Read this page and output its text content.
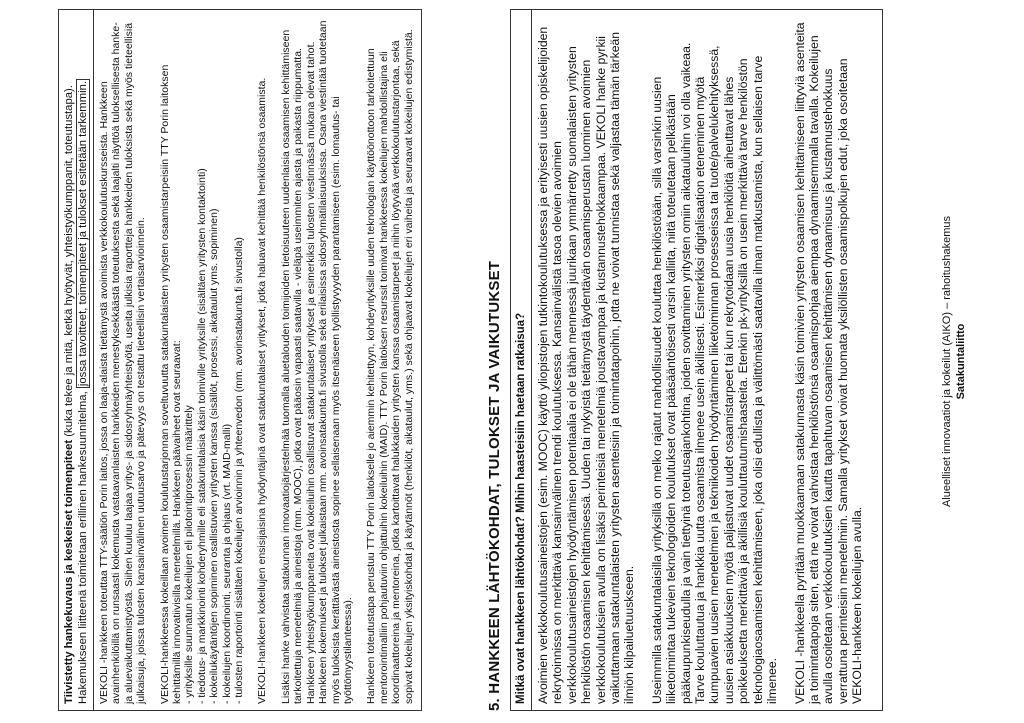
Tiivistetty hankekuvaus ja keskeiset toimenpiteet (kuka tekee ja mitä, ketkä hyötyvät, yhteistyökumppanit, toteutustapa).
Hakemukseen liitteenä toimitetaan erillinen hankesuunnitelma, jossa tavoitteet, toimenpiteet ja tulokset esitetään tarkemmin. VEKOLI -hankkeen toteuttaa TTY-säätiön Porin laitos, jossa on laaja-alaista tietämystä avoimista verkkokoulutuskursseista. Hankkeen avainhenkilöillä on runsaasti kokemusta vastaavanlaisten hankkeiden menestyksekkäästä toteutuksesta sekä laajalti näyttöä tuloksellisesta hanke- ja aluevaikuttamistyöstä. Siihen kuuluu laajaa yritys- ja sidosryhmäyhteistyötä, useita julkisia raportteja hankkeiden tuloksista sekä myös tieteellisiä julkaisuja, joissa tulosten kansainvälinen uutuusarvo ja pätevyys on testattu tieteellisin vertaisarvioinnein. VEKOLI-hankkeessa kokeillaan avoimen koulutustarjonnan soveltuvuutta satakuntalaisten yritysten osaamistarpeisiin TTY Porin laitoksen kehittämillä innovatiivisilla menetelmillä. Hankkeen päävaiheet ovat seuraavat: - yrityksille suunnatun kokeilujen eli pilotointiprosessin määrittely - tiedotus- ja markkinointi kohderyhmille eli satakuntalaisia käsin toimiville yrityksille (sisältäen yritysten kontaktointi) - kokeilukäytäntöjen sopiminen osallistuvien yritysten kanssa (sisällöt, prosessi, aikataulut yms. sopiminen) - kokeilujen koordinointi, seuranta ja ohjaus (vrt. MAID-malli) - tulosten raportointi sisältäen kokeilujen arvioinnin ja yhteenvedon (mm. avoinsatakunta.fi sivustolla) VEKOLI-hankkeen kokeilujen ensisijaisina hyödyntäjinä ovat satakuntalaiset yritykset, jotka haluavat kehittää henkilöstönsä osaamista. Lisäksi hanke vahvistaa satakunnan innovaatiojärjestelmää tuomalla aluetalouden toimijoiden tietoisuuteen uudenlaisia osaamisen kehittämiseen tarkoitettuja menetelmiä ja aineistoja (mm. MOOC), jotka ovat pääosin vapaasti saatavilla - vieläpä useimmiten ajasta ja paikasta riippumatta. Hankkeen yhteistyökumppaneita ovat kokeiluihin osallistuvat satakuntalaiset yritykset ja esimerkiksi tulosten viestinnässä mukana olevat tahot. Hankkeen kokemukset ja tulokset julkaistaan mm. avoinsatakunta.fi sivustolla sekä erilaisissa sidosryhmätilaisuuksissa. Osana viestintää tuotetaan myös tuloksista kerättävästä aineistosta sopinee sellaisenaan myös itsenäiseen työllistyvyyden parantamiseen (esim. lomautus- tai työttömyystilanteessa). Hankkeen toteutustapa perustuu TTY Porin laitokselle jo aiemmin kehitettyyn, kohdeyrityksille uuden teknologian käyttöönottoon tarkoitettuun mentorointimalliin pohjautuviin ohjattuihin kokeiluihin (MAID). TTY Porin laitoksen resurssit toimivat hankkeessa kokeilujen mahdollistajina eli koordinaattoreina ja mentoreina, jotka kartoittavat halukkaiden yritysten kanssa osaamistarpeet ja niihin löytyvää verkkokoulutustarjontaa, sekä sopivat kokeilujen yksityiskohdat ja käytännöt (henkilöt, aikataulut, yms.) sekä ohjaavat kokeilujen eri vaiheita ja seuraavat kokeilujen edistymistä.	5. HANKKEEN LÄHTÖKOHDAT, TULOKSET JA VAIKUTUKSET	Mitkä ovat hankkeen lähtökohdat? Mihin haasteisiin haetaan ratkaisua? Avoimien verkkokoulutusaineistojen (esim. MOOC) käyttö yliopistojen tutkintokoulutuksessa ja erityisesti uusien opiskelijoiden rekrytoinnissa on merkittävä kansainvälinen trendi koulutuksessa. Kansainvälistä tasoa olevien avoimien verkkokoulutusaineistojen hyödyntämisen potentiaalia ei ole tähän mennessä juurikaan ymmärretty suomalaisten yritysten henkilöstön osaamisen kehittämisessä. Uuden tai nykyistä tietämystä täydentävän osaamisperustan luominen avoimien verkkokoulutuksien avulla on lisäksi perinteisiä menetelmiä joustavampaa ja kustannustehokkaampaa. VEKOLI hanke pyrkii vaikuttamaan satakuntalaisten yritysten asenteisiin ja toimintatapoihin, jotta ne voivat tunnistaa sekä valjastaa tämän tärkeän ilmiön kilpailuetuuskseen. Useimmilla satakuntalaisilla yrityksillä on melko rajatut mahdollisuudet kouluttaa henkilöstöään, sillä varsinkin uusien liiketoimintaa tukevien teknologioiden koulutukset ovat pääsääntöisesti varsin kalliita, niitä toteutetaan pelkästään pääkaupunkiseudulla ja vain tiettyinä toteutusajankohtina, joiden sovittaminen yritysten omiin aikatauluihin voi olla vaikeaa. Tarve kouluttautua ja hankkia uutta osaamista ilmenee usein äkillisesti. Esimerkiksi digitalisaation eteneminen myötä kumpuavien uusien menetelmien ja tekniikoiden hyödyntäminen liiketoiminnan prosesseissa tai tuote/palvelukehityksessä, uusien asiakkuuksien myötä paljastuvat uudet osaamistarpeet tai kun rekrytoidaan uusia henkilöitä aiheuttavat lähes poikkeuksetta merkittäviä ja äkillisiä kouluttautumishaasteita. Etenkin pk-yrityksillä on usein merkittävä tarve henkilöstön teknologiaosaamisen kehittämiseen, joka olisi edullista ja välittömästi saatavilla ilman matkustamista, kun sellaisen tarve ilmenee. VEKOLI -hankkeella pyritään muokkaamaan satakunnasta käsin toimivien yritysten osaamisen kehittämiseen liittyviä asenteita ja toimintatapoja siten, että ne voivat vahvistaa henkilöstönsä osaamispohjaa aiempaa dynaamisemmalla tavalla. Kokeilujen avulla osoitetaan verkkokoulutuksien kautta tapahtuvan osaamisen kehittämisen dynaamisuus ja kustannustehokkuus verrattuna perinteisiin menetelmiin. Samalla yritykset voivat huomata yksilöllisten osaamispolkujen edut, joka osoitetaan VEKOLI-hankkeen kokeilujen avulla.

Alueelliset innovaatiot ja kokeilut (AIKO) – rahoitushakemus Satakuntaliitto
